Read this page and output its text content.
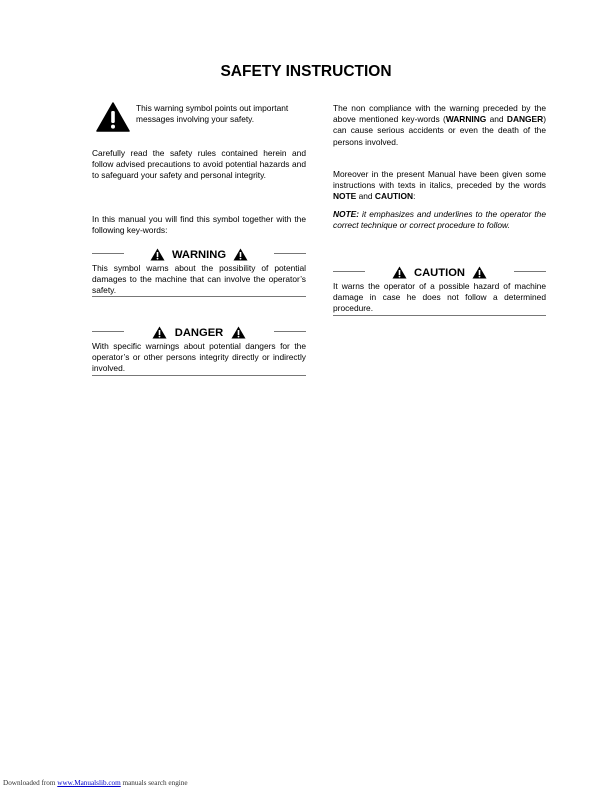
SAFETY INSTRUCTION

This warning symbol points out important messages involving your safety.

Carefully read the safety rules contained herein and follow advised precautions to avoid potential hazards and to safeguard your safety and personal integrity.

In this manual you will find this symbol together with the following key-words:

WARNING

This symbol warns about the possibility of potential damages to the machine that can involve the operator’s safety.

DANGER

With specific warnings about potential dangers for the operator’s or other persons integrity directly or indirectly involved.

The non compliance with the warning preceded by the above mentioned key-words (WARNING and DANGER) can cause serious accidents or even the death of the persons involved.

Moreover in the present Manual have been given some instructions with texts in italics, preceded by the words NOTE and CAUTION:

NOTE: it emphasizes and underlines to the operator the correct technique or correct procedure to follow.

CAUTION

It warns the operator of a possible hazard of machine damage in case he does not follow a determined procedure.

Downloaded from www.Manualslib.com manuals search engine
